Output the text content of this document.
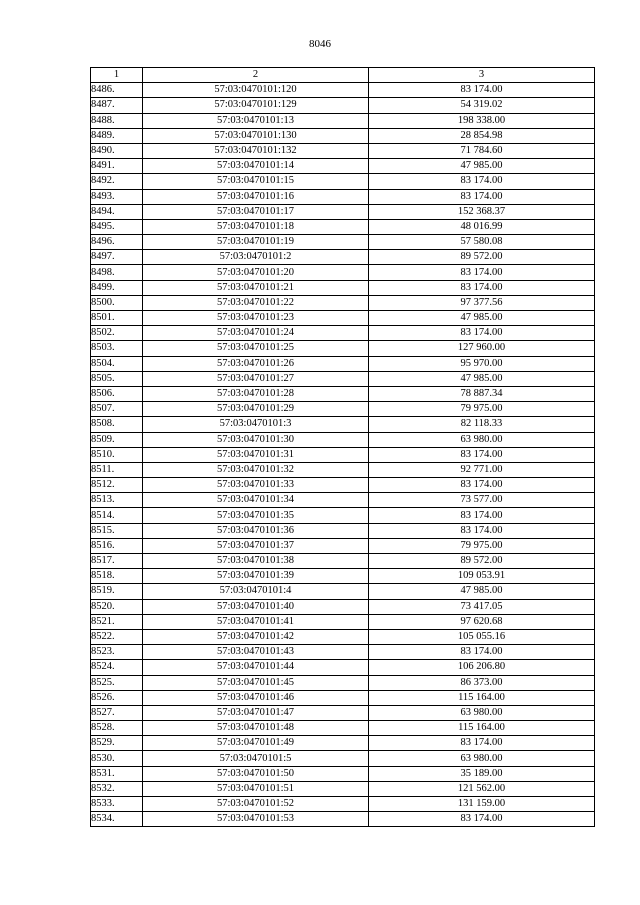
8046
1	2	3
8486.	57:03:0470101:120	83 174.00
8487.	57:03:0470101:129	54 319.02
8488.	57:03:0470101:13	198 338.00
8489.	57:03:0470101:130	28 854.98
8490.	57:03:0470101:132	71 784.60
8491.	57:03:0470101:14	47 985.00
8492.	57:03:0470101:15	83 174.00
8493.	57:03:0470101:16	83 174.00
8494.	57:03:0470101:17	152 368.37
8495.	57:03:0470101:18	48 016.99
8496.	57:03:0470101:19	57 580.08
8497.	57:03:0470101:2	89 572.00
8498.	57:03:0470101:20	83 174.00
8499.	57:03:0470101:21	83 174.00
8500.	57:03:0470101:22	97 377.56
8501.	57:03:0470101:23	47 985.00
8502.	57:03:0470101:24	83 174.00
8503.	57:03:0470101:25	127 960.00
8504.	57:03:0470101:26	95 970.00
8505.	57:03:0470101:27	47 985.00
8506.	57:03:0470101:28	78 887.34
8507.	57:03:0470101:29	79 975.00
8508.	57:03:0470101:3	82 118.33
8509.	57:03:0470101:30	63 980.00
8510.	57:03:0470101:31	83 174.00
8511.	57:03:0470101:32	92 771.00
8512.	57:03:0470101:33	83 174.00
8513.	57:03:0470101:34	73 577.00
8514.	57:03:0470101:35	83 174.00
8515.	57:03:0470101:36	83 174.00
8516.	57:03:0470101:37	79 975.00
8517.	57:03:0470101:38	89 572.00
8518.	57:03:0470101:39	109 053.91
8519.	57:03:0470101:4	47 985.00
8520.	57:03:0470101:40	73 417.05
8521.	57:03:0470101:41	97 620.68
8522.	57:03:0470101:42	105 055.16
8523.	57:03:0470101:43	83 174.00
8524.	57:03:0470101:44	106 206.80
8525.	57:03:0470101:45	86 373.00
8526.	57:03:0470101:46	115 164.00
8527.	57:03:0470101:47	63 980.00
8528.	57:03:0470101:48	115 164.00
8529.	57:03:0470101:49	83 174.00
8530.	57:03:0470101:5	63 980.00
8531.	57:03:0470101:50	35 189.00
8532.	57:03:0470101:51	121 562.00
8533.	57:03:0470101:52	131 159.00
8534.	57:03:0470101:53	83 174.00
